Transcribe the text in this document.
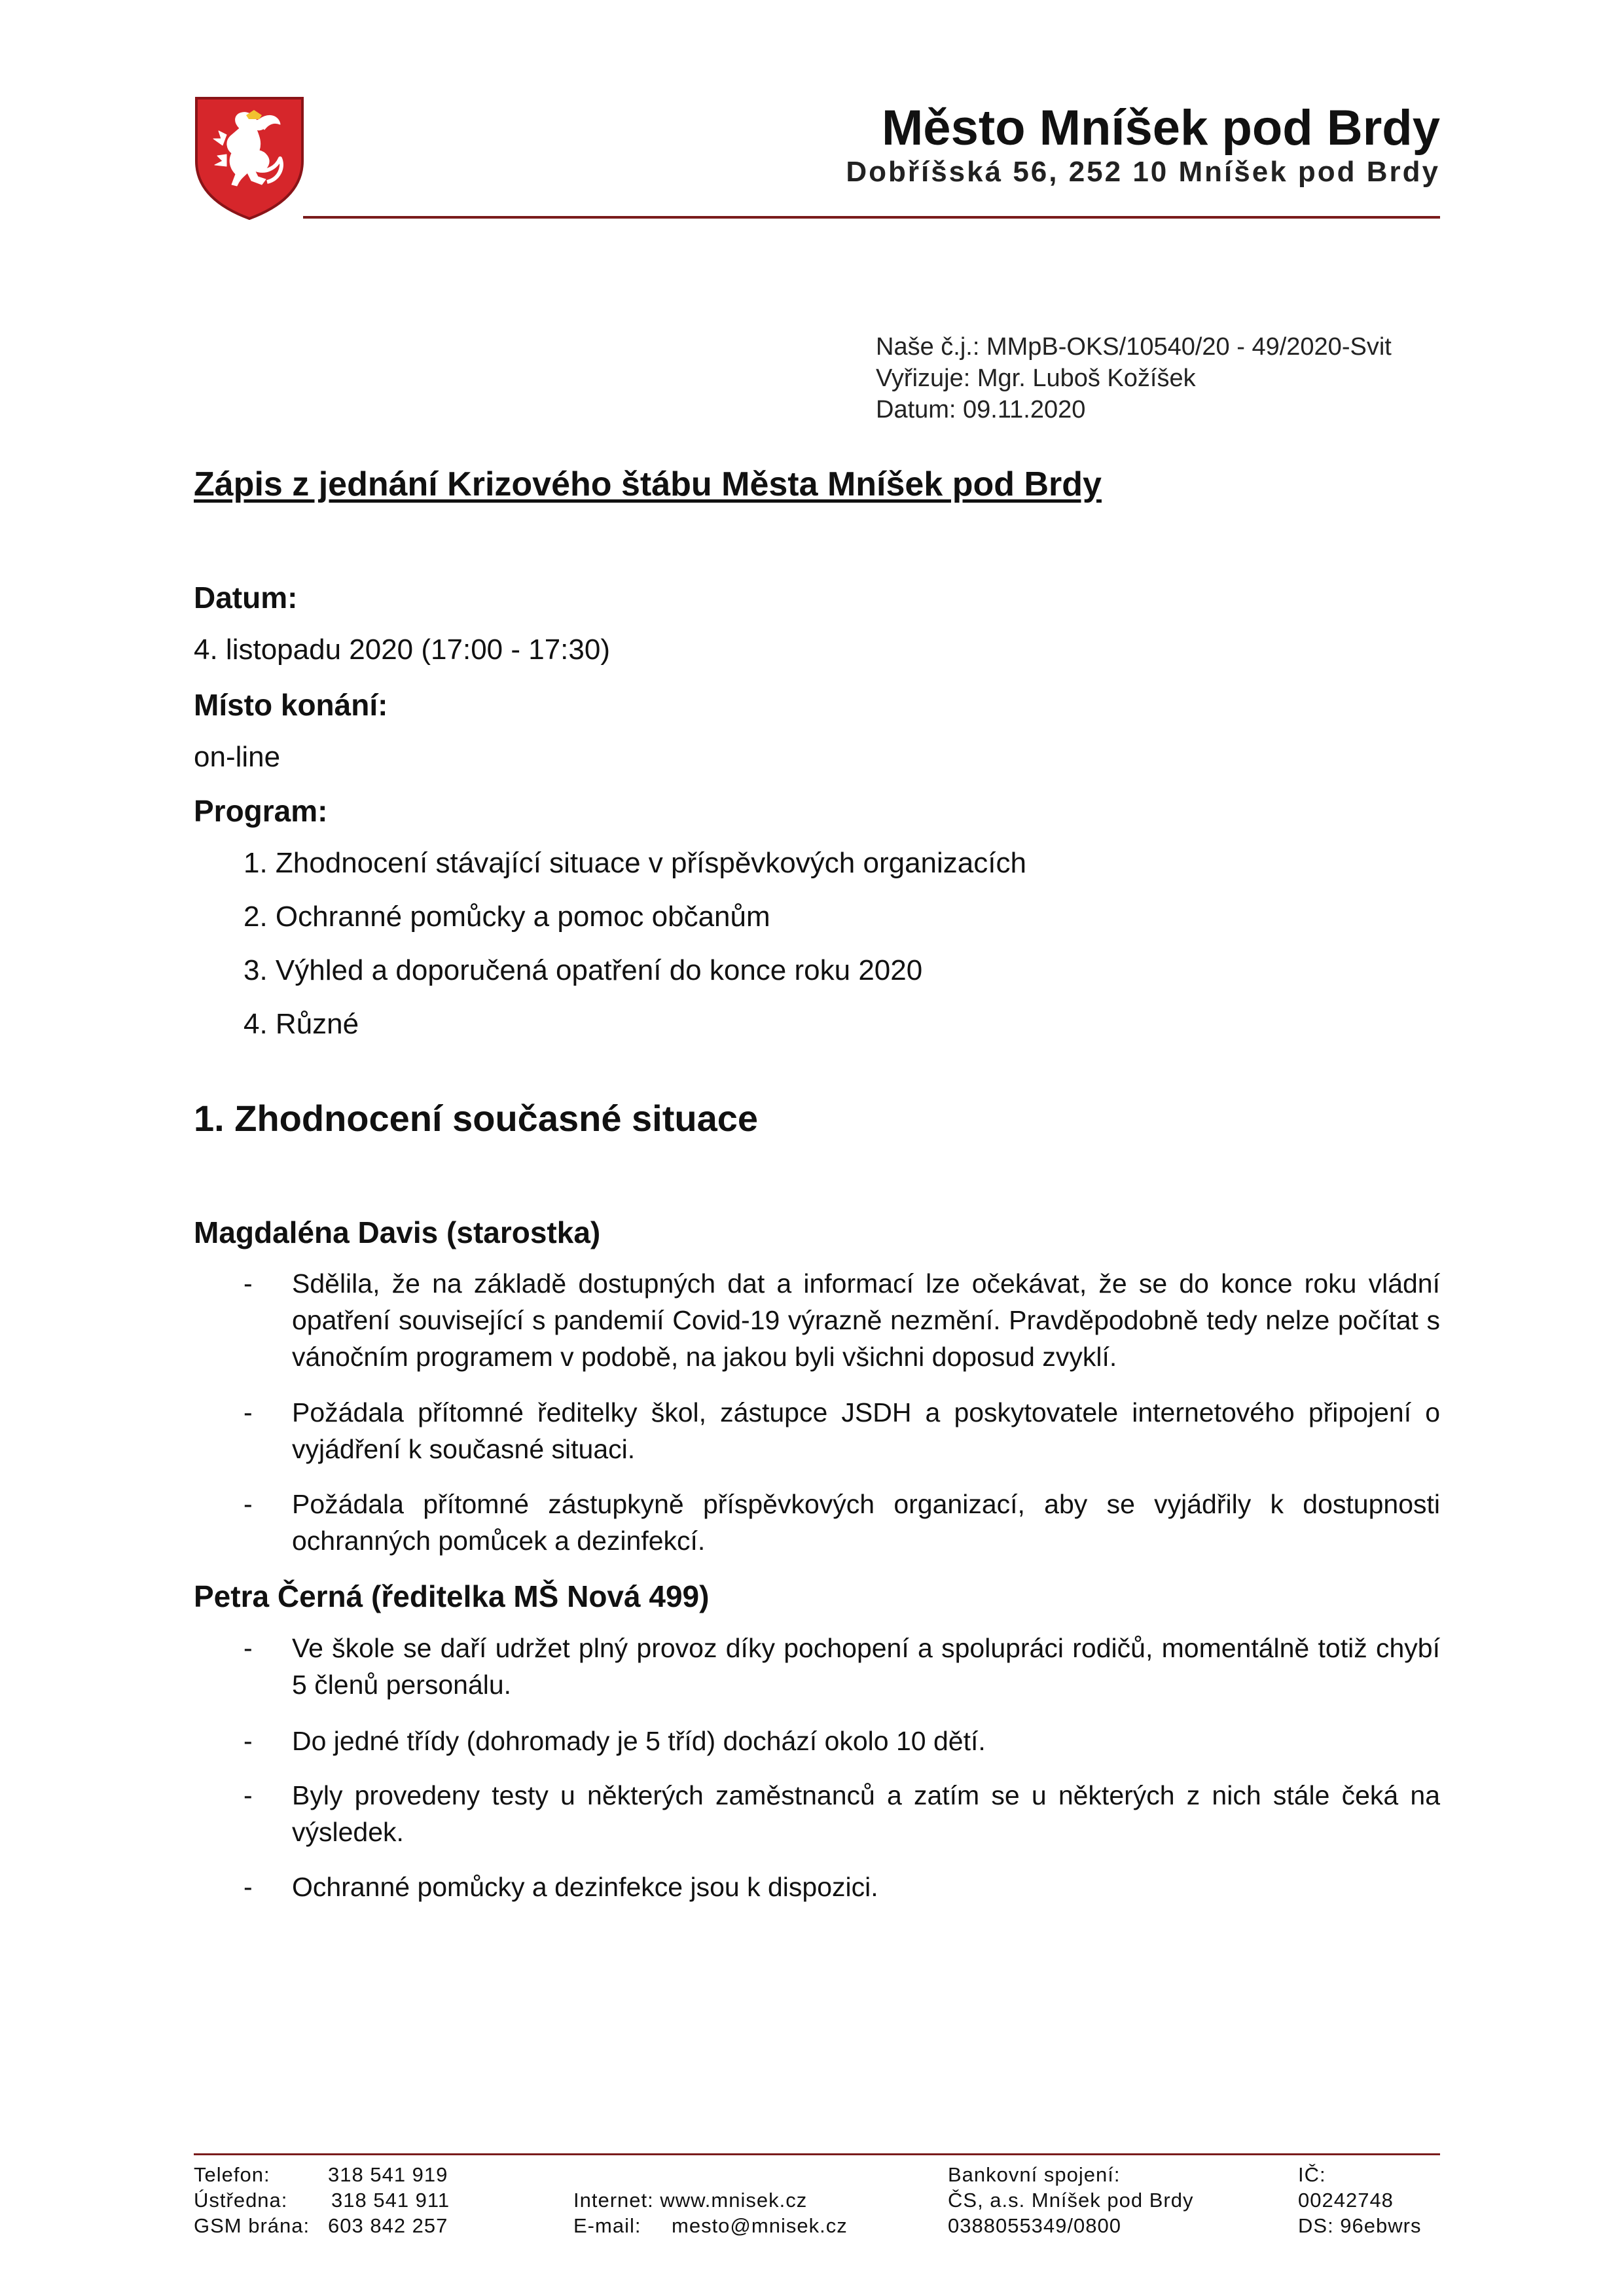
Město Mníšek pod Brdy
Dobříšská 56, 252 10 Mníšek pod Brdy
Naše č.j.: MMpB-OKS/10540/20 - 49/2020-Svit
Vyřizuje: Mgr. Luboš Kožíšek
Datum: 09.11.2020
Zápis z jednání Krizového štábu Města Mníšek pod Brdy
Datum:
4. listopadu 2020 (17:00 - 17:30)
Místo konání:
on-line
Program:
1. Zhodnocení stávající situace v příspěvkových organizacích
2. Ochranné pomůcky a pomoc občanům
3. Výhled a doporučená opatření do konce roku 2020
4. Různé
1. Zhodnocení současné situace
Magdaléna Davis (starostka)
- Sdělila, že na základě dostupných dat a informací lze očekávat, že se do konce roku vládní opatření související s pandemií Covid-19 výrazně nezmění. Pravděpodobně tedy nelze počítat s vánočním programem v podobě, na jakou byli všichni doposud zvyklí.
- Požádala přítomné ředitelky škol, zástupce JSDH a poskytovatele internetového připojení o vyjádření k současné situaci.
- Požádala přítomné zástupkyně příspěvkových organizací, aby se vyjádřily k dostupnosti ochranných pomůcek a dezinfekcí.
Petra Černá (ředitelka MŠ Nová 499)
- Ve škole se daří udržet plný provoz díky pochopení a spolupráci rodičů, momentálně totiž chybí 5 členů personálu.
- Do jedné třídy (dohromady je 5 tříd) dochází okolo 10 dětí.
- Byly provedeny testy u některých zaměstnanců a zatím se u některých z nich stále čeká na výsledek.
- Ochranné pomůcky a dezinfekce jsou k dispozici.
Telefon:	318 541 919
Ústředna: 318 541 911
GSM brána: 603 842 257
Internet: www.mnisek.cz
E-mail: mesto@mnisek.cz
Bankovní spojení:
ČS, a.s. Mníšek pod Brdy
0388055349/0800
IČ:
00242748
DS: 96ebwrs
